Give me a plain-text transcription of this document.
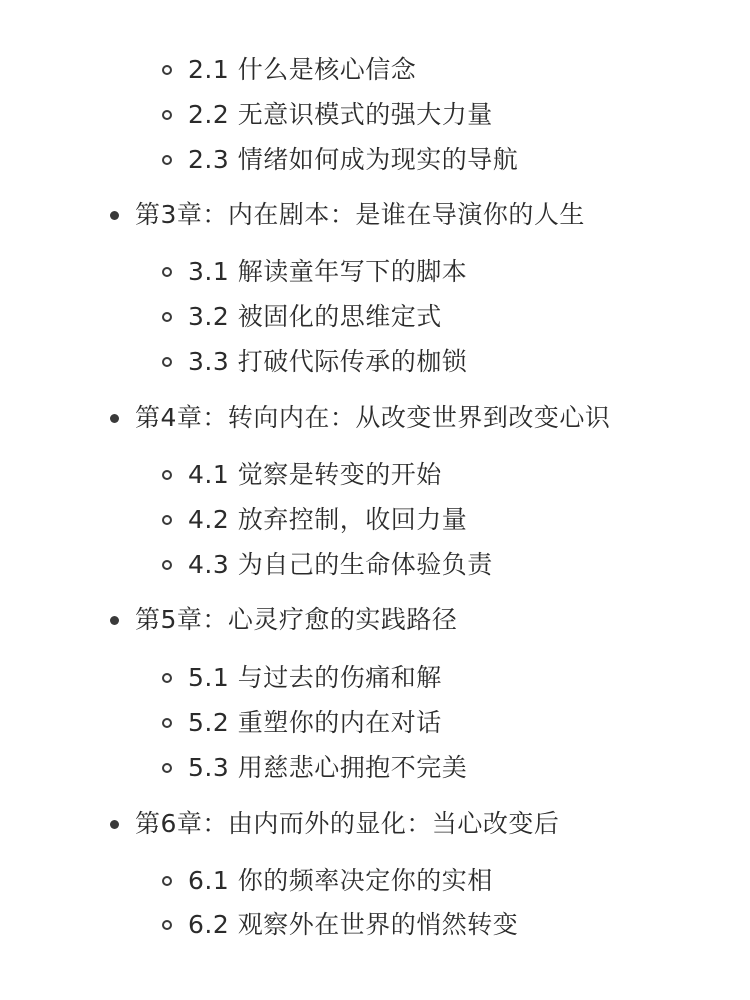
2.1 什么是核心信念
2.2 无意识模式的强大力量
2.3 情绪如何成为现实的导航
第3章：内在剧本：是谁在导演你的人生
3.1 解读童年写下的脚本
3.2 被固化的思维定式
3.3 打破代际传承的枷锁
第4章：转向内在：从改变世界到改变心识
4.1 觉察是转变的开始
4.2 放弃控制，收回力量
4.3 为自己的生命体验负责
第5章：心灵疗愈的实践路径
5.1 与过去的伤痛和解
5.2 重塑你的内在对话
5.3 用慈悲心拥抱不完美
第6章：由内而外的显化：当心改变后
6.1 你的频率决定你的实相
6.2 观察外在世界的悄然转变
